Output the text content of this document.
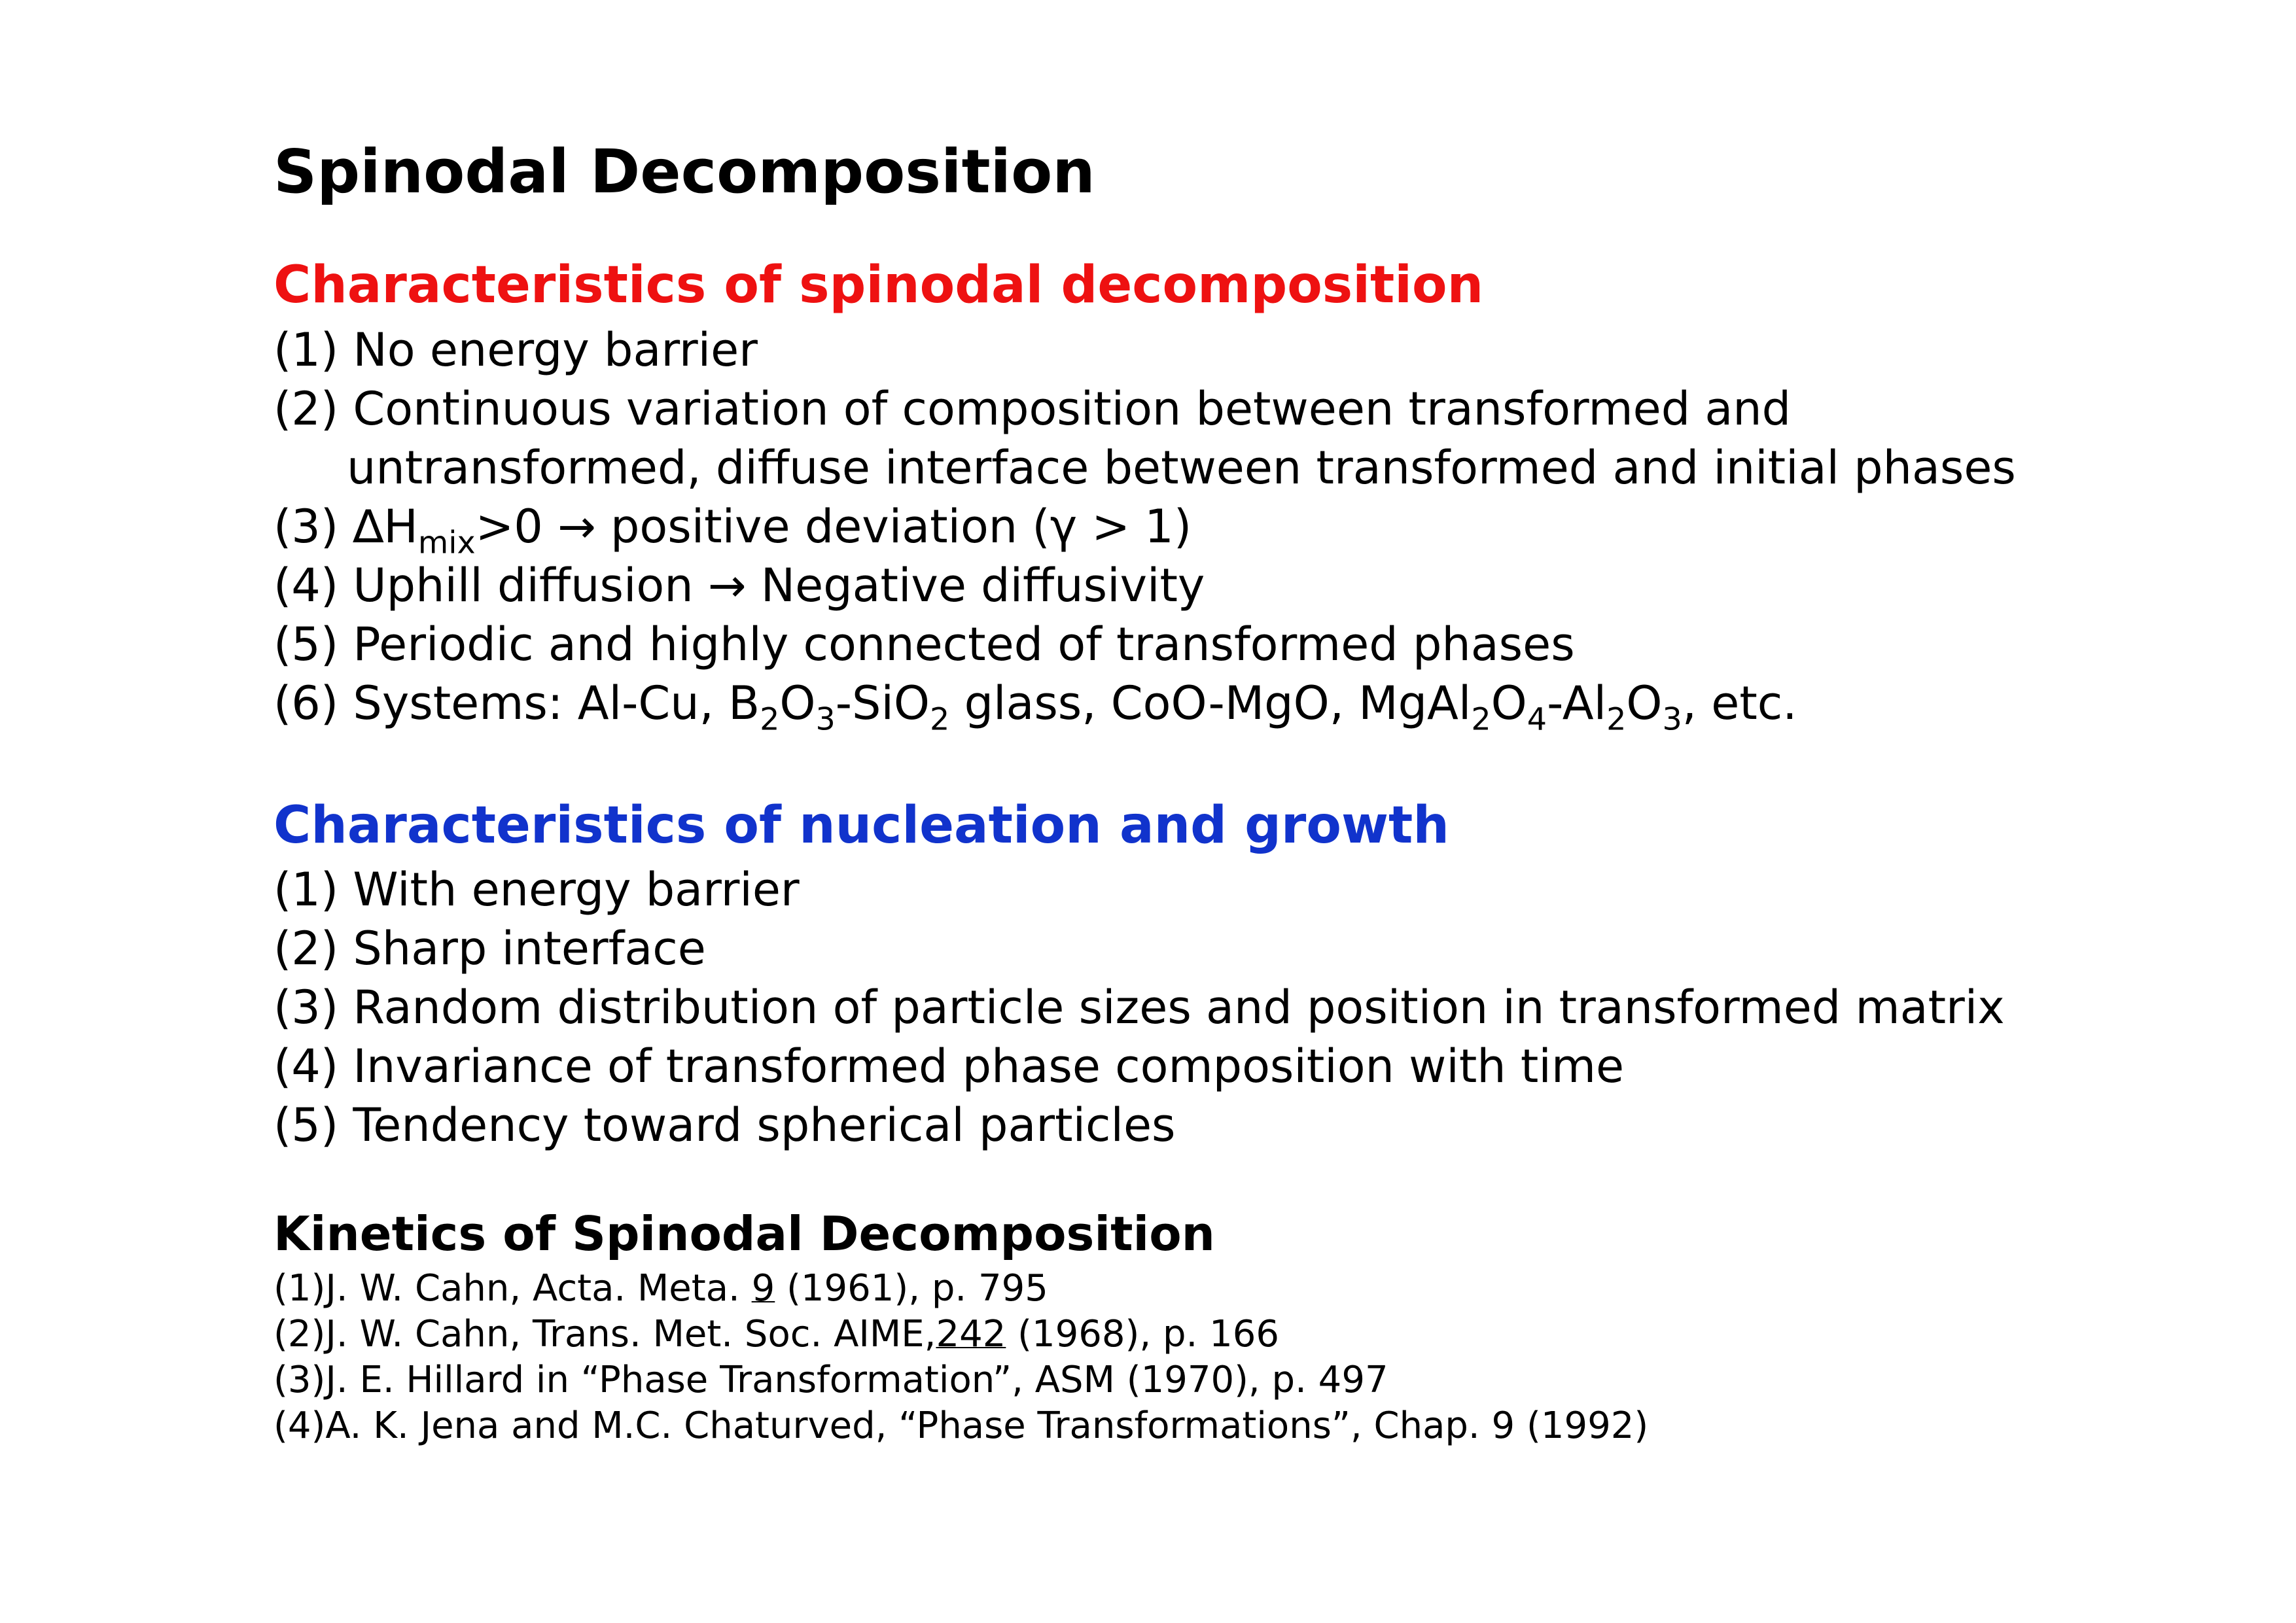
Spinodal Decomposition
Characteristics of spinodal decomposition
(1) No energy barrier
(2) Continuous variation of composition between transformed and
untransformed, diffuse interface between transformed and initial phases
(3) $\Delta H_{mix}>0$ → positive deviation (γ > 1)
(4) Uphill diffusion → Negative diffusivity
(5) Periodic and highly connected of transformed phases
(6) Systems: Al-Cu, $B_2O_3-SiO_2$ glass, CoO-MgO, $MgAl_2O_4-Al_2O_3$, etc.
Characteristics of nucleation and growth
(1) With energy barrier
(2) Sharp interface
(3) Random distribution of particle sizes and position in transformed matrix
(4) Invariance of transformed phase composition with time
(5) Tendency toward spherical particles
Kinetics of Spinodal Decomposition
(1)J. W. Cahn, Acta. Meta. 9 (1961), p. 795
(2)J. W. Cahn, Trans. Met. Soc. AIME,242 (1968), p. 166
(3)J. E. Hillard in “Phase Transformation”, ASM (1970), p. 497
(4)A. K. Jena and M.C. Chaturved, “Phase Transformations”, Chap. 9 (1992)
